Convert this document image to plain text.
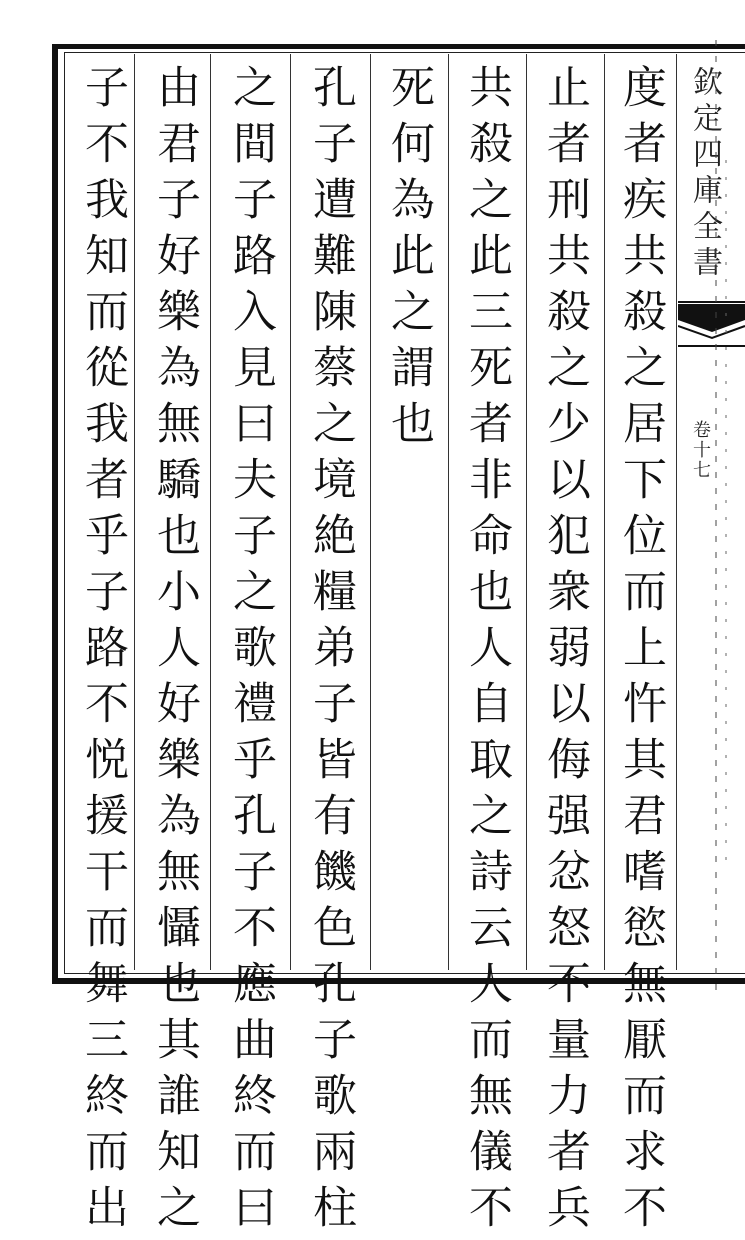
度者疾共殺之居下位而上忤其君嗜慾無厭而求不
止者刑共殺之少以犯衆弱以侮强忿怒不量力者兵
共殺之此三死者非命也人自取之詩云人而無儀不
死何為此之謂也
孔子遭難陳蔡之境絶糧弟子皆有饑色孔子歌兩柱
之間子路入見曰夫子之歌禮乎孔子不應曲終而曰
由君子好樂為無驕也小人好樂為無懾也其誰知之
子不我知而從我者乎子路不悦援干而舞三終而出	欽定四庫全書
卷十七
